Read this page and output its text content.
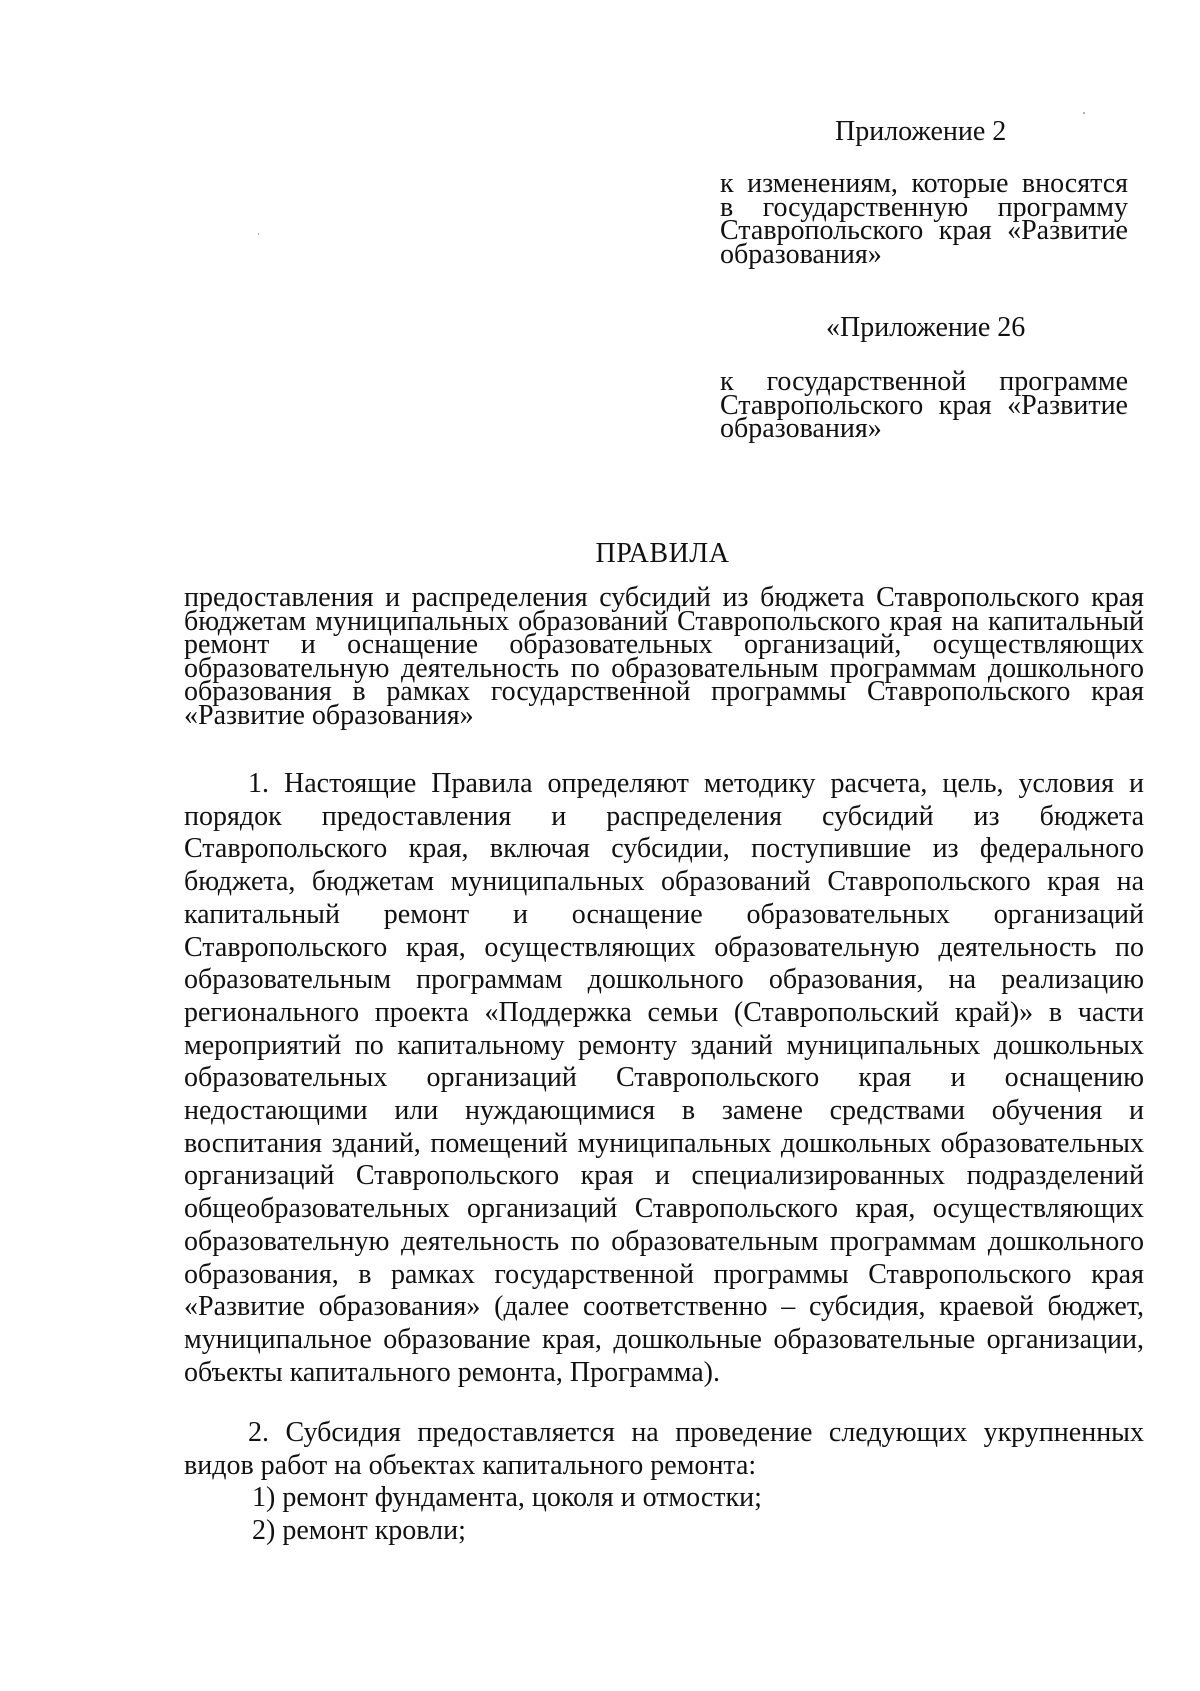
Приложение 2

к изменениям, которые вносятся в государственную программу Ставропольского края «Развитие образования»

«Приложение 26

к государственной программе Ставропольского края «Развитие образования»

ПРАВИЛА

предоставления и распределения субсидий из бюджета Ставропольского края бюджетам муниципальных образований Ставропольского края на капитальный ремонт и оснащение образовательных организаций, осуществляющих образовательную деятельность по образовательным программам дошкольного образования в рамках государственной программы Ставропольского края «Развитие образования»

1. Настоящие Правила определяют методику расчета, цель, условия и порядок предоставления и распределения субсидий из бюджета Ставропольского края, включая субсидии, поступившие из федерального бюджета, бюджетам муниципальных образований Ставропольского края на капитальный ремонт и оснащение образовательных организаций Ставропольского края, осуществляющих образовательную деятельность по образовательным программам дошкольного образования, на реализацию регионального проекта «Поддержка семьи (Ставропольский край)» в части мероприятий по капитальному ремонту зданий муниципальных дошкольных образовательных организаций Ставропольского края и оснащению недостающими или нуждающимися в замене средствами обучения и воспитания зданий, помещений муниципальных дошкольных образовательных организаций Ставропольского края и специализированных подразделений общеобразовательных организаций Ставропольского края, осуществляющих образовательную деятельность по образовательным программам дошкольного образования, в рамках государственной программы Ставропольского края «Развитие образования» (далее соответственно – субсидия, краевой бюджет, муниципальное образование края, дошкольные образовательные организации, объекты капитального ремонта, Программа).

2. Субсидия предоставляется на проведение следующих укрупненных видов работ на объектах капитального ремонта:

1) ремонт фундамента, цоколя и отмостки;

2) ремонт кровли;
